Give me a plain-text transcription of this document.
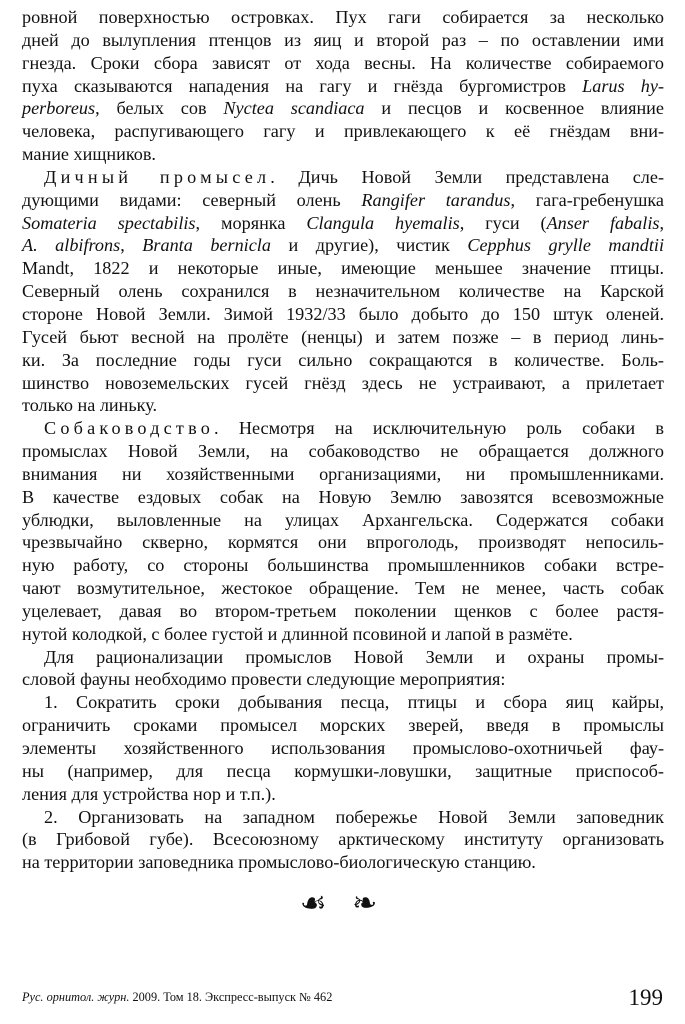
ровной поверхностью островках. Пух гаги собирается за несколько
дней до вылупления птенцов из яиц и второй раз – по оставлении ими
гнезда. Сроки сбора зависят от хода весны. На количестве собираемого
пуха сказываются нападения на гагу и гнёзда бургомистров Larus hy-
perboreus, белых сов Nyctea scandiaca и песцов и косвенное влияние
человека, распугивающего гагу и привлекающего к её гнёздам вни-
мание хищников.
Дичный промысел. Дичь Новой Земли представлена сле-
дующими видами: северный олень Rangifer tarandus, гага-гребенушка
Somateria spectabilis, морянка Clangula hyemalis, гуси (Anser fabalis,
A. albifrons, Branta bernicla и другие), чистик Cepphus grylle mandtii
Mandt, 1822 и некоторые иные, имеющие меньшее значение птицы.
Северный олень сохранился в незначительном количестве на Карской
стороне Новой Земли. Зимой 1932/33 было добыто до 150 штук оленей.
Гусей бьют весной на пролёте (ненцы) и затем позже – в период линь-
ки. За последние годы гуси сильно сокращаются в количестве. Боль-
шинство новоземельских гусей гнёзд здесь не устраивают, а прилетает
только на линьку.
Собаководство. Несмотря на исключительную роль собаки в
промыслах Новой Земли, на собаководство не обращается должного
внимания ни хозяйственными организациями, ни промышленниками.
В качестве ездовых собак на Новую Землю завозятся всевозможные
ублюдки, выловленные на улицах Архангельска. Содержатся собаки
чрезвычайно скверно, кормятся они впроголодь, производят непосиль-
ную работу, со стороны большинства промышленников собаки встре-
чают возмутительное, жестокое обращение. Тем не менее, часть собак
уцелевает, давая во втором-третьем поколении щенков с более растя-
нутой колодкой, с более густой и длинной псовиной и лапой в размёте.
Для рационализации промыслов Новой Земли и охраны промы-
словой фауны необходимо провести следующие мероприятия:
1. Сократить сроки добывания песца, птицы и сбора яиц кайры,
ограничить сроками промысел морских зверей, введя в промыслы
элементы хозяйственного использования промыслово-охотничьей фау-
ны (например, для песца кормушки-ловушки, защитные приспособ-
ления для устройства нор и т.п.).
2. Организовать на западном побережье Новой Земли заповедник
(в Грибовой губе). Всесоюзному арктическому институту организовать
на территории заповедника промыслово-биологическую станцию.
☙ ❧
Рус. орнитол. журн. 2009. Том 18. Экспресс-выпуск № 462	199
